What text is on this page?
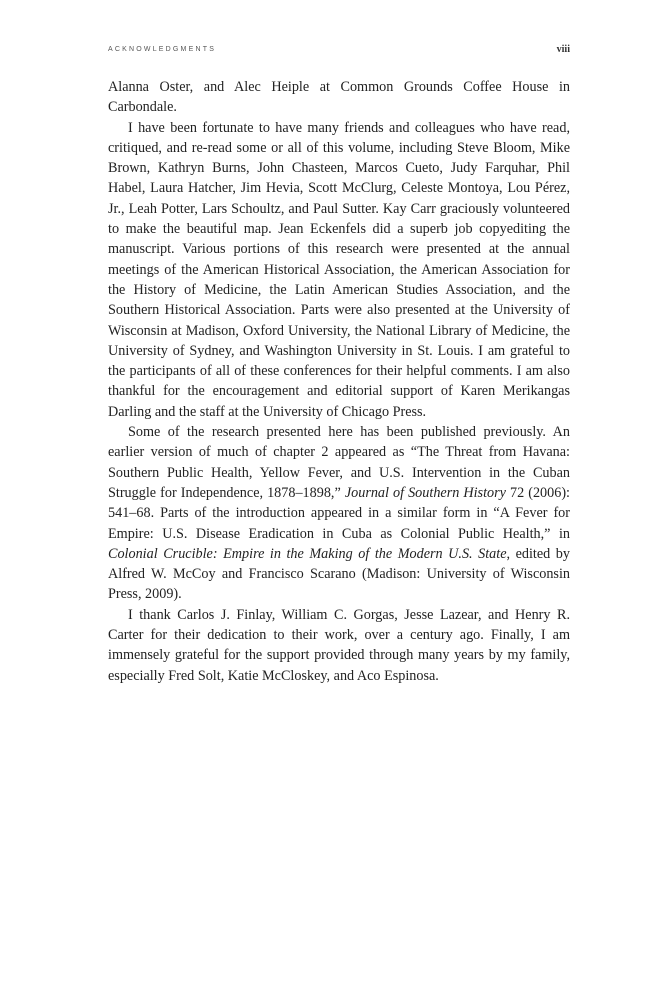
ACKNOWLEDGMENTS	viii

Alanna Oster, and Alec Heiple at Common Grounds Coffee House in Carbondale.

I have been fortunate to have many friends and colleagues who have read, critiqued, and re-read some or all of this volume, including Steve Bloom, Mike Brown, Kathryn Burns, John Chasteen, Marcos Cueto, Judy Farquhar, Phil Habel, Laura Hatcher, Jim Hevia, Scott McClurg, Celeste Montoya, Lou Pérez, Jr., Leah Potter, Lars Schoultz, and Paul Sutter. Kay Carr graciously volunteered to make the beautiful map. Jean Eckenfels did a superb job copyediting the manuscript. Various portions of this research were presented at the annual meetings of the American Historical Association, the American Association for the History of Medicine, the Latin American Studies Association, and the Southern Historical Association. Parts were also presented at the University of Wisconsin at Madison, Oxford University, the National Library of Medicine, the University of Sydney, and Washington University in St. Louis. I am grateful to the participants of all of these conferences for their helpful comments. I am also thankful for the encouragement and editorial support of Karen Merikangas Darling and the staff at the University of Chicago Press.

Some of the research presented here has been published previously. An earlier version of much of chapter 2 appeared as “The Threat from Havana: Southern Public Health, Yellow Fever, and U.S. Intervention in the Cuban Struggle for Independence, 1878–1898,” Journal of Southern History 72 (2006): 541–68. Parts of the introduction appeared in a similar form in “A Fever for Empire: U.S. Disease Eradication in Cuba as Colonial Public Health,” in Colonial Crucible: Empire in the Making of the Modern U.S. State, edited by Alfred W. McCoy and Francisco Scarano (Madison: University of Wisconsin Press, 2009).

I thank Carlos J. Finlay, William C. Gorgas, Jesse Lazear, and Henry R. Carter for their dedication to their work, over a century ago. Finally, I am immensely grateful for the support provided through many years by my family, especially Fred Solt, Katie McCloskey, and Aco Espinosa.
